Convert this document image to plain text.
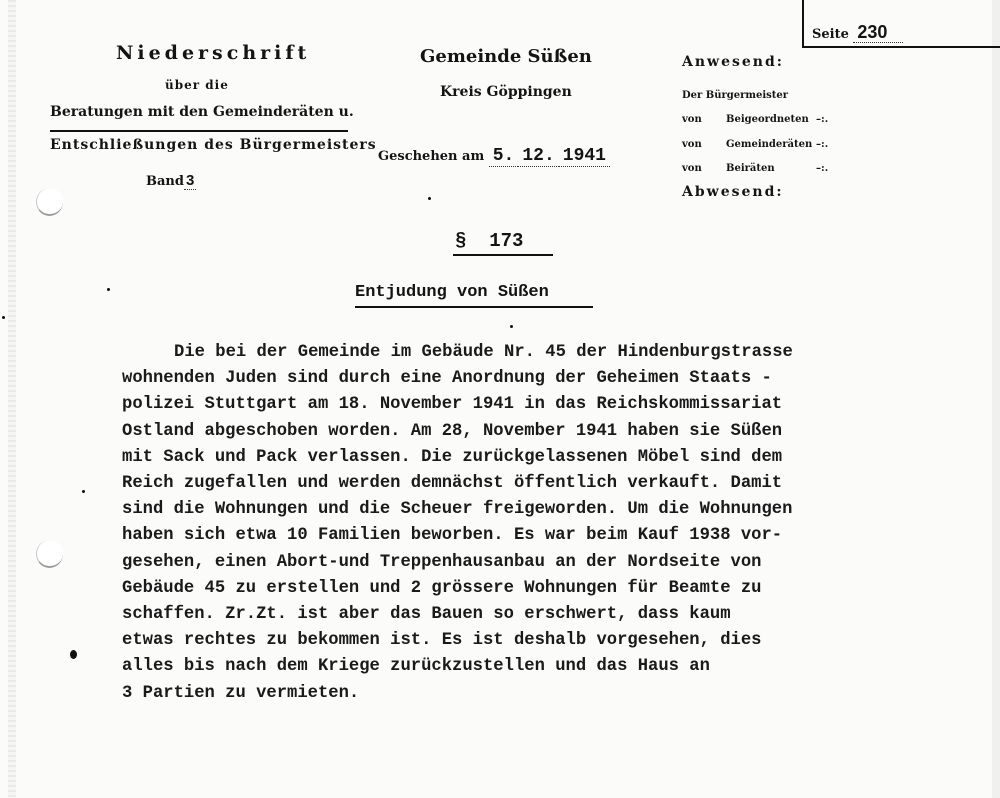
Niederschrift
über die
Beratungen mit den Gemeinderäten u.
Entschließungen des Bürgermeisters
Band 3
Gemeinde Süßen
Kreis Göppingen
Geschehen am 5. 12. 1941
Seite 230
Anwesend:
Der Bürgermeister
von Beigeordneten –:.
von Gemeinderäten –:.
von Beiräten	–:.
Abwesend:
§ 173
Entjudung von Süßen
Die bei der Gemeinde im Gebäude Nr. 45 der Hindenburgstrasse
wohnenden Juden sind durch eine Anordnung der Geheimen Staats -
polizei Stuttgart am 18. November 1941 in das Reichskommissariat
Ostland abgeschoben worden. Am 28, November 1941 haben sie Süßen
mit Sack und Pack verlassen. Die zurückgelassenen Möbel sind dem
Reich zugefallen und werden demnächst öffentlich verkauft. Damit
sind die Wohnungen und die Scheuer freigeworden. Um die Wohnungen
haben sich etwa 10 Familien beworben. Es war beim Kauf 1938 vor-
gesehen, einen Abort-und Treppenhausanbau an der Nordseite von
Gebäude 45 zu erstellen und 2 grössere Wohnungen für Beamte zu
schaffen. Zr.Zt. ist aber das Bauen so erschwert, dass kaum
etwas rechtes zu bekommen ist. Es ist deshalb vorgesehen, dies
alles bis nach dem Kriege zurückzustellen und das Haus an
3 Partien zu vermieten.
